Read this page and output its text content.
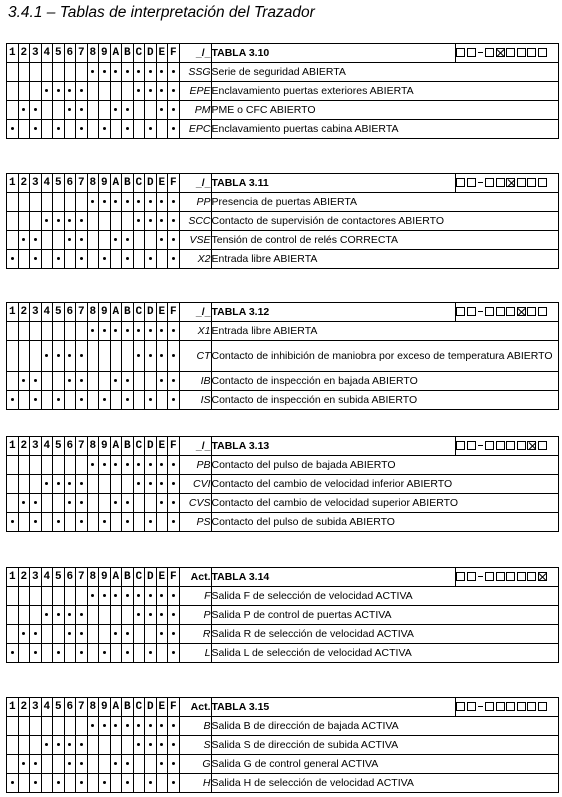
3.4.1 – Tablas de interpretación del Trazador
1	2	3	4	5	6	7	8	9	A	B	C	D	E	F	_/_	TABLA 3.10	
															SSG	Serie de seguridad ABIERTA	
															EPE	Enclavamiento puertas exteriores ABIERTA	
															PM	PME o CFC ABIERTO	
															EPC	Enclavamiento puertas cabina ABIERTA	
1	2	3	4	5	6	7	8	9	A	B	C	D	E	F	_/_	TABLA 3.11	
															PP	Presencia de puertas ABIERTA	
															SCC	Contacto de supervisión de contactores ABIERTO	
															VSE	Tensión de control de relés CORRECTA	
															X2	Entrada libre ABIERTA	
1	2	3	4	5	6	7	8	9	A	B	C	D	E	F	_/_	TABLA 3.12	
															X1	Entrada libre ABIERTA	
															CT	Contacto de inhibición de maniobra por exceso de temperatura ABIERTO	
															IB	Contacto de inspección en bajada ABIERTO	
															IS	Contacto de inspección en subida ABIERTO	
1	2	3	4	5	6	7	8	9	A	B	C	D	E	F	_/_	TABLA 3.13	
															PB	Contacto del pulso de bajada ABIERTO	
															CVI	Contacto del cambio de velocidad inferior ABIERTO	
															CVS	Contacto del cambio de velocidad superior ABIERTO	
															PS	Contacto del pulso de subida ABIERTO	
1	2	3	4	5	6	7	8	9	A	B	C	D	E	F	Act.	TABLA 3.14	
															F	Salida F de selección de velocidad ACTIVA	
															P	Salida P de control de puertas ACTIVA	
															R	Salida R de selección de velocidad ACTIVA	
															L	Salida L de selección de velocidad ACTIVA	
1	2	3	4	5	6	7	8	9	A	B	C	D	E	F	Act.	TABLA 3.15	
															B	Salida B de dirección de bajada ACTIVA	
															S	Salida S de dirección de subida ACTIVA	
															G	Salida G de control general ACTIVA	
															H	Salida H de selección de velocidad ACTIVA	
